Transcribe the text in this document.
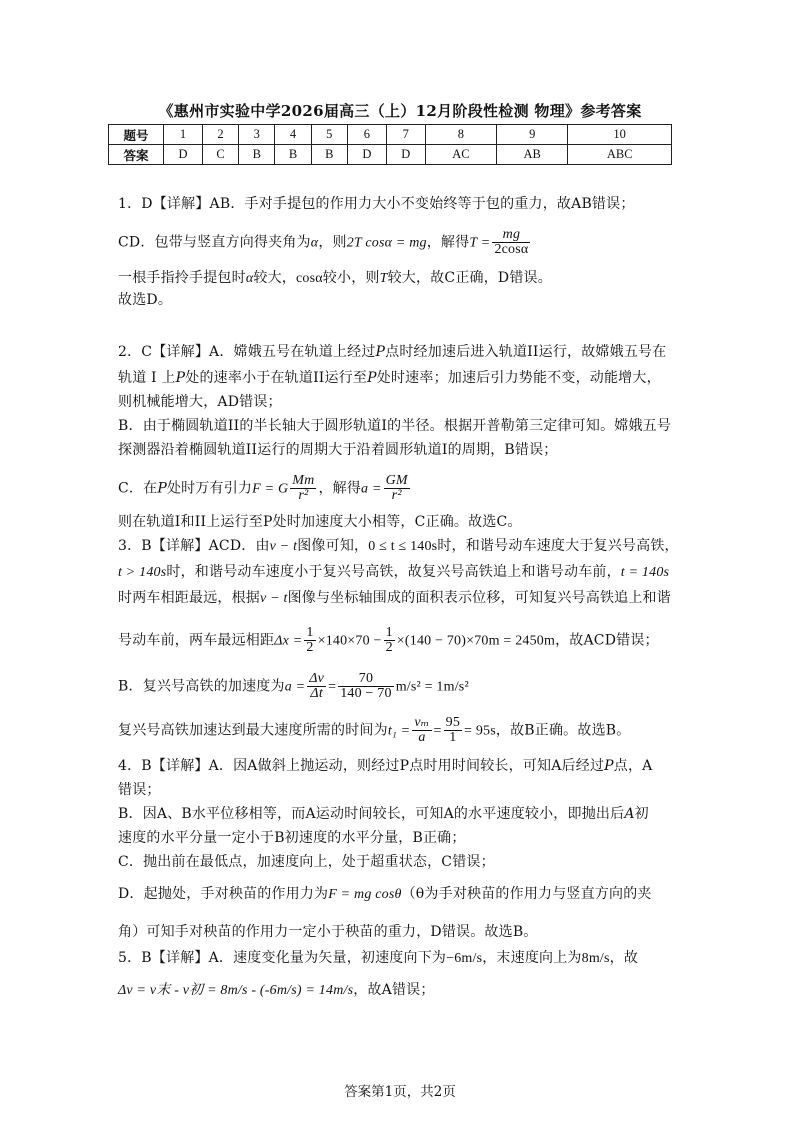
《惠州市实验中学2026届高三（上）12月阶段性检测 物理》参考答案
题号	1	2	3	4	5	6	7	8	9	10
答案	D	C	B	B	B	D	D	AC	AB	ABC
1．D【详解】AB．手对手提包的作用力大小不变始终等于包的重力，故AB错误；
CD．包带与竖直方向得夹角为α，则2T cosα = mg，解得$T = \frac{mg}{2\cos\alpha}$
一根手指拎手提包时α较大，cosα较小，则T较大，故C正确，D错误。
故选D。
2．C【详解】A．嫦娥五号在轨道上经过P点时经加速后进入轨道II运行，故嫦娥五号在
轨道 I 上P处的速率小于在轨道II运行至P处时速率；加速后引力势能不变，动能增大，
则机械能增大，AD错误；
B．由于椭圆轨道II的半长轴大于圆形轨道I的半径。根据开普勒第三定律可知。嫦娥五号
探测器沿着椭圆轨道II运行的周期大于沿着圆形轨道I的周期，B错误；
C．在P处时万有引力F = G $\frac{Mm}{\text{r²}}$ ，解得$a = \frac{GM}{\text{r²}}$
则在轨道I和II上运行至P处时加速度大小相等，C正确。故选C。
3．B【详解】ACD．由v − t图像可知，0 ≤ t ≤ 140s时，和谐号动车速度大于复兴号高铁，
t > 140s时，和谐号动车速度小于复兴号高铁，故复兴号高铁追上和谐号动车前，t = 140s
时两车相距最远，根据v − t图像与坐标轴围成的面积表示位移，可知复兴号高铁追上和谐
号动车前，两车最远相距$\Delta x = \frac{1}{2} \times 140\times 70 - \frac{1}{2} \times(140 - 70)\times 70m = 2450m$，故ACD错误；
B．复兴号高铁的加速度为$a = \frac{\Delta v}{\Delta t} = \frac{70}{140 - 70} m/s^2 = 1m/s^2$
复兴号高铁加速达到最大速度所需的时间为$t_1 = \frac{\text{vₘ}}{a} = \frac{95}{1} = 95s$，故B正确。故选B。
4．B【详解】A．因A做斜上抛运动，则经过P点时用时间较长，可知A后经过P点，A
错误；
B．因A、B水平位移相等，而A运动时间较长，可知A的水平速度较小，即抛出后A初
速度的水平分量一定小于B初速度的水平分量，B正确；
C．抛出前在最低点，加速度向上，处于超重状态，C错误；
D．起抛处，手对秧苗的作用力为F = mg cosθ（θ为手对秧苗的作用力与竖直方向的夹
角）可知手对秧苗的作用力一定小于秧苗的重力，D错误。故选B。
5．B【详解】A．速度变化量为矢量，初速度向下为−6m/s，末速度向上为8m/s，故
Δv = v末 - v初 = 8m/s - (-6m/s) = 14m/s，故A错误；
答案第1页，共2页
